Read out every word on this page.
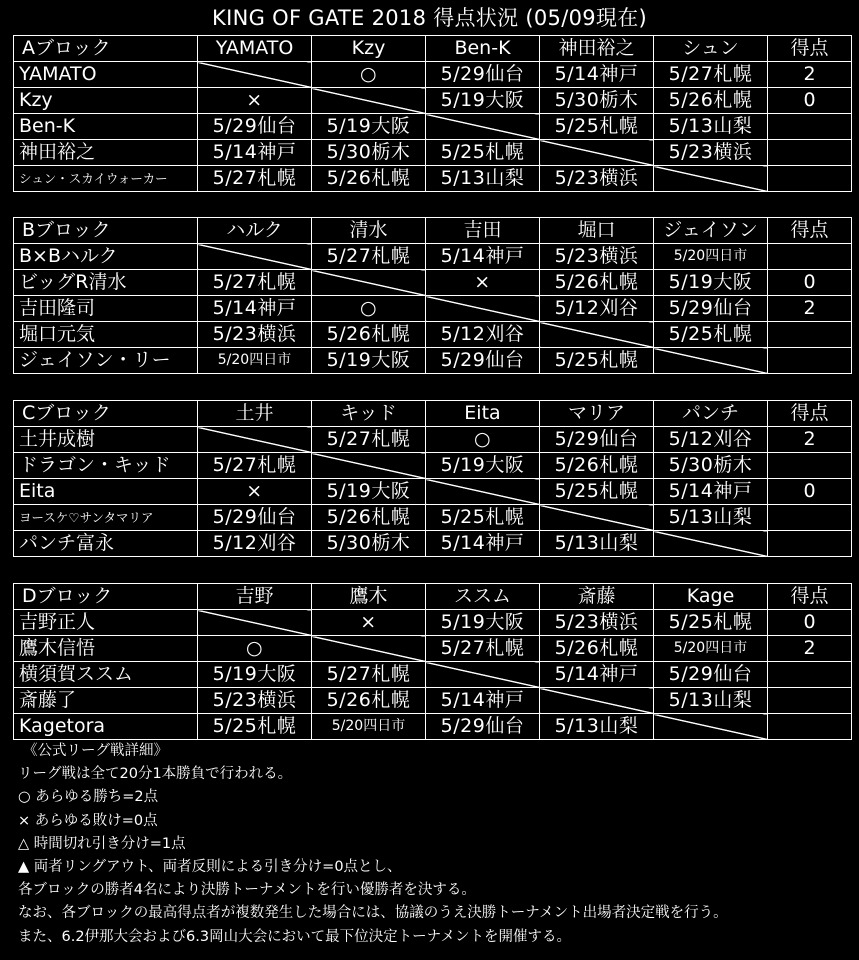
KING OF GATE 2018 得点状況 (05/09現在)
Aブロック	YAMATO	Kzy	Ben-K	神田裕之	シュン	得点
YAMATO		○	5/29仙台	5/14神戸	5/27札幌	2
Kzy	×		5/19大阪	5/30栃木	5/26札幌	0
Ben-K	5/29仙台	5/19大阪		5/25札幌	5/13山梨	
神田裕之	5/14神戸	5/30栃木	5/25札幌		5/23横浜	
シュン・スカイウォーカー	5/27札幌	5/26札幌	5/13山梨	5/23横浜		
Bブロック	ハルク	清水	吉田	堀口	ジェイソン	得点
B×Bハルク		5/27札幌	5/14神戸	5/23横浜	5/20四日市	
ビッグR清水	5/27札幌		×	5/26札幌	5/19大阪	0
吉田隆司	5/14神戸	○		5/12刈谷	5/29仙台	2
堀口元気	5/23横浜	5/26札幌	5/12刈谷		5/25札幌	
ジェイソン・リー	5/20四日市	5/19大阪	5/29仙台	5/25札幌		
Cブロック	土井	キッド	Eita	マリア	パンチ	得点
土井成樹		5/27札幌	○	5/29仙台	5/12刈谷	2
ドラゴン・キッド	5/27札幌		5/19大阪	5/26札幌	5/30栃木	
Eita	×	5/19大阪		5/25札幌	5/14神戸	0
ヨースケ♡サンタマリア	5/29仙台	5/26札幌	5/25札幌		5/13山梨	
パンチ富永	5/12刈谷	5/30栃木	5/14神戸	5/13山梨		
Dブロック	吉野	鷹木	ススム	斎藤	Kage	得点
吉野正人		×	5/19大阪	5/23横浜	5/25札幌	0
鷹木信悟	○		5/27札幌	5/26札幌	5/20四日市	2
横須賀ススム	5/19大阪	5/27札幌		5/14神戸	5/29仙台	
斎藤了	5/23横浜	5/26札幌	5/14神戸		5/13山梨	
Kagetora	5/25札幌	5/20四日市	5/29仙台	5/13山梨		
《公式リーグ戦詳細》
リーグ戦は全て20分1本勝負で行われる。
○ あらゆる勝ち=2点
× あらゆる敗け=0点
△ 時間切れ引き分け=1点
▲ 両者リングアウト、両者反則による引き分け=0点とし、
各ブロックの勝者4名により決勝トーナメントを行い優勝者を決する。
なお、各ブロックの最高得点者が複数発生した場合には、協議のうえ決勝トーナメント出場者決定戦を行う。
また、6.2伊那大会および6.3岡山大会において最下位決定トーナメントを開催する。
